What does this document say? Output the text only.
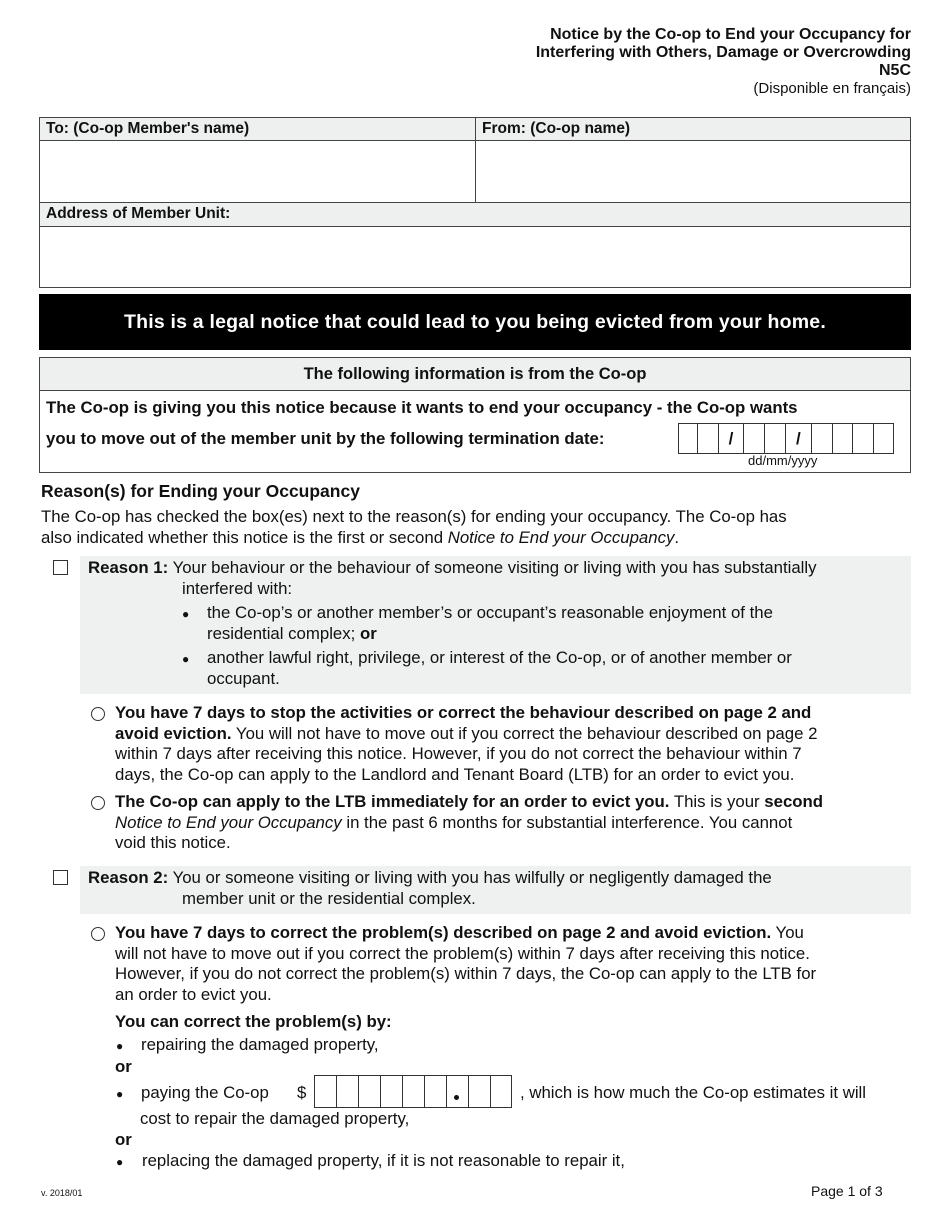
Notice by the Co-op to End your Occupancy for
Interfering with Others, Damage or Overcrowding
N5C
(Disponible en français)
To: (Co-op Member's name)	From: (Co-op name)
Address of Member Unit:
This is a legal notice that could lead to you being evicted from your home.
The following information is from the Co-op
The Co-op is giving you this notice because it wants to end your occupancy - the Co-op wants
you to move out of the member unit by the following termination date:	/	/
dd/mm/yyyy
Reason(s) for Ending your Occupancy
The Co-op has checked the box(es) next to the reason(s) for ending your occupancy. The Co-op has
also indicated whether this notice is the first or second Notice to End your Occupancy.
Reason 1: Your behaviour or the behaviour of someone visiting or living with you has substantially
interfered with:
● the Co-op’s or another member’s or occupant’s reasonable enjoyment of the
residential complex; or
● another lawful right, privilege, or interest of the Co-op, or of another member or
occupant.
You have 7 days to stop the activities or correct the behaviour described on page 2 and
avoid eviction. You will not have to move out if you correct the behaviour described on page 2
within 7 days after receiving this notice. However, if you do not correct the behaviour within 7
days, the Co-op can apply to the Landlord and Tenant Board (LTB) for an order to evict you.
The Co-op can apply to the LTB immediately for an order to evict you. This is your second
Notice to End your Occupancy in the past 6 months for substantial interference. You cannot
void this notice.
Reason 2: You or someone visiting or living with you has wilfully or negligently damaged the
member unit or the residential complex.
You have 7 days to correct the problem(s) described on page 2 and avoid eviction. You
will not have to move out if you correct the problem(s) within 7 days after receiving this notice.
However, if you do not correct the problem(s) within 7 days, the Co-op can apply to the LTB for
an order to evict you.
You can correct the problem(s) by:
● repairing the damaged property,
or
● paying the Co-op $	, which is how much the Co-op estimates it will
cost to repair the damaged property,
or
● replacing the damaged property, if it is not reasonable to repair it,
v. 2018/01	Page 1 of 3
